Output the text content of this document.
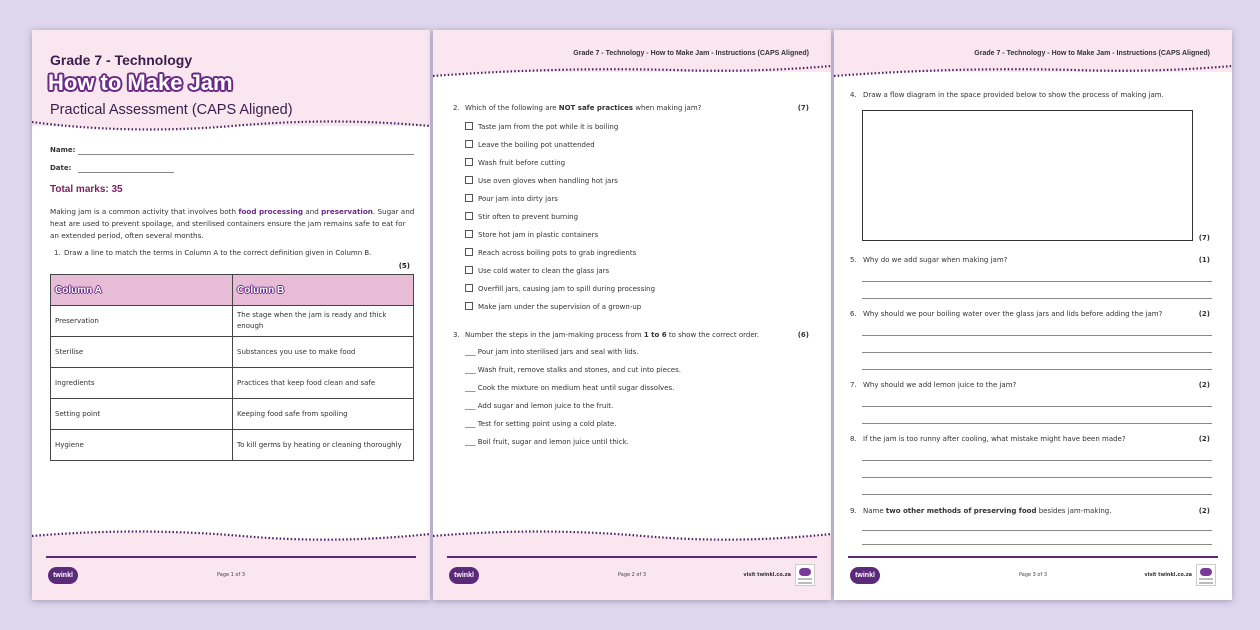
Grade 7 - Technology
How to Make Jam
Practical Assessment (CAPS Aligned)
Name:
Date:
Total marks: 35
Making jam is a common activity that involves both food processing and preservation. Sugar and heat are used to prevent spoilage, and sterilised containers ensure the jam remains safe to eat for an extended period, often several months.
1. Draw a line to match the terms in Column A to the correct definition given in Column B.
(5)
Column A	Column B
Preservation	The stage when the jam is ready and thick enough
Sterilise	Substances you use to make food
Ingredients	Practices that keep food clean and safe
Setting point	Keeping food safe from spoiling
Hygiene	To kill germs by heating or cleaning thoroughly
twinkl	Page 1 of 3
Grade 7 - Technology - How to Make Jam - Instructions (CAPS Aligned)
2. Which of the following are NOT safe practices when making jam?	(7)
Taste jam from the pot while it is boiling
Leave the boiling pot unattended
Wash fruit before cutting
Use oven gloves when handling hot jars
Pour jam into dirty jars
Stir often to prevent burning
Store hot jam in plastic containers
Reach across boiling pots to grab ingredients
Use cold water to clean the glass jars
Overfill jars, causing jam to spill during processing
Make jam under the supervision of a grown-up
3. Number the steps in the jam-making process from 1 to 6 to show the correct order.	(6)
___ Pour jam into sterilised jars and seal with lids.
___ Wash fruit, remove stalks and stones, and cut into pieces.
___ Cook the mixture on medium heat until sugar dissolves.
___ Add sugar and lemon juice to the fruit.
___ Test for setting point using a cold plate.
___ Boil fruit, sugar and lemon juice until thick.
twinkl	Page 2 of 3	visit twinkl.co.za
Grade 7 - Technology - How to Make Jam - Instructions (CAPS Aligned)
4. Draw a flow diagram in the space provided below to show the process of making jam.
(7)
5. Why do we add sugar when making jam?	(1)
6. Why should we pour boiling water over the glass jars and lids before adding the jam?	(2)
7. Why should we add lemon juice to the jam?	(2)
8. If the jam is too runny after cooling, what mistake might have been made?	(2)
9. Name two other methods of preserving food besides jam-making.	(2)
twinkl	Page 3 of 3	visit twinkl.co.za
